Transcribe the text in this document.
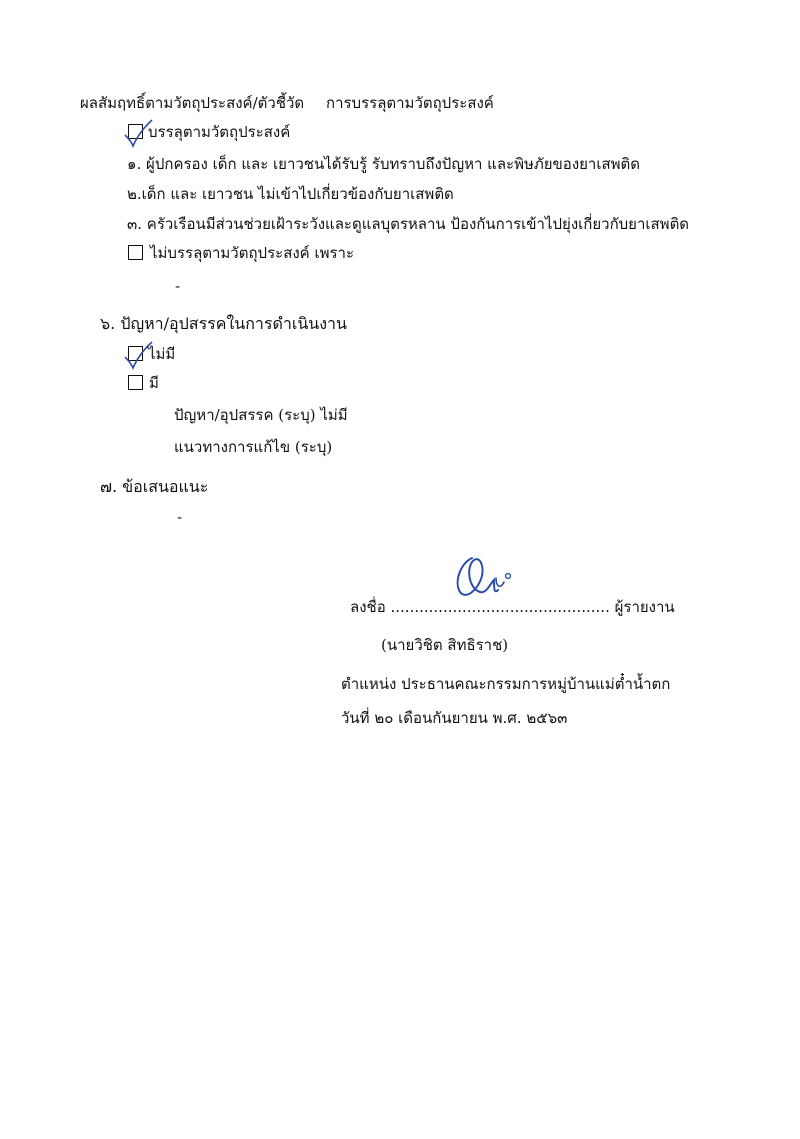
ผลสัมฤทธิ์ตามวัตถุประสงค์/ตัวชี้วัด การบรรลุตามวัตถุประสงค์
บรรลุตามวัตถุประสงค์
๑. ผู้ปกครอง เด็ก และ เยาวชนได้รับรู้ รับทราบถึงปัญหา และพิษภัยของยาเสพติด
๒.เด็ก และ เยาวชน ไม่เข้าไปเกี่ยวข้องกับยาเสพติด
๓. ครัวเรือนมีส่วนช่วยเฝ้าระวังและดูแลบุตรหลาน ป้องกันการเข้าไปยุ่งเกี่ยวกับยาเสพติด
ไม่บรรลุตามวัตถุประสงค์ เพราะ
-
๖. ปัญหา/อุปสรรคในการดำเนินงาน
ไม่มี
มี
ปัญหา/อุปสรรค (ระบุ) ไม่มี
แนวทางการแก้ไข (ระบุ)
๗. ข้อเสนอแนะ
-
ลงชื่อ .............................................. ผู้รายงาน
(นายวิชิต สิทธิราช)
ตำแหน่ง ประธานคณะกรรมการหมู่บ้านแม่ต๋ำน้ำตก
วันที่ ๒๐ เดือนกันยายน พ.ศ. ๒๕๖๓
